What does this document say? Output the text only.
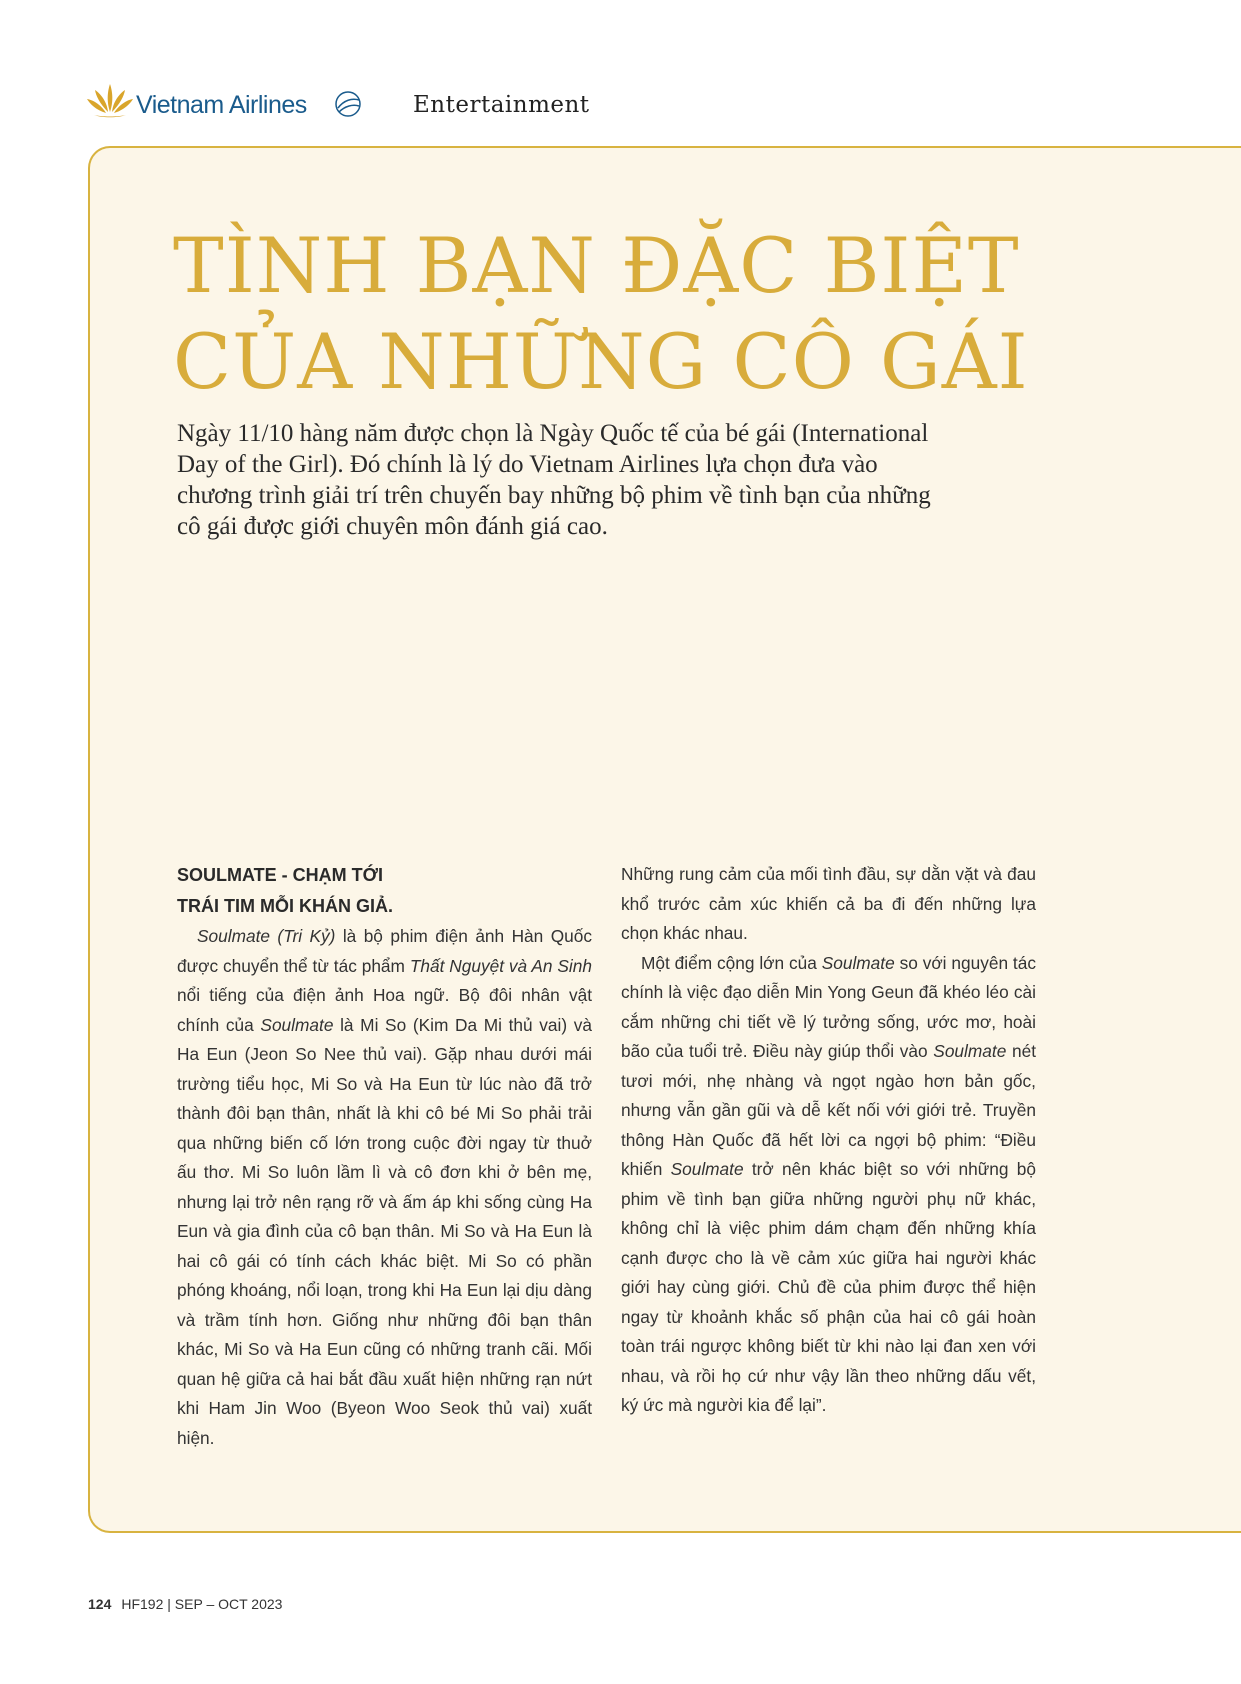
Vietnam Airlines	Entertainment
TÌNH BẠN ĐẶC BIỆT
CỦA NHỮNG CÔ GÁI

Ngày 11/10 hàng năm được chọn là Ngày Quốc tế của bé gái (International Day of the Girl). Đó chính là lý do Vietnam Airlines lựa chọn đưa vào chương trình giải trí trên chuyến bay những bộ phim về tình bạn của những cô gái được giới chuyên môn đánh giá cao.

SOULMATE - CHẠM TỚI
TRÁI TIM MỖI KHÁN GIẢ.

Soulmate (Tri Kỷ) là bộ phim điện ảnh Hàn Quốc được chuyển thể từ tác phẩm Thất Nguyệt và An Sinh nổi tiếng của điện ảnh Hoa ngữ. Bộ đôi nhân vật chính của Soulmate là Mi So (Kim Da Mi thủ vai) và Ha Eun (Jeon So Nee thủ vai). Gặp nhau dưới mái trường tiểu học, Mi So và Ha Eun từ lúc nào đã trở thành đôi bạn thân, nhất là khi cô bé Mi So phải trải qua những biến cố lớn trong cuộc đời ngay từ thuở ấu thơ. Mi So luôn lầm lì và cô đơn khi ở bên mẹ, nhưng lại trở nên rạng rỡ và ấm áp khi sống cùng Ha Eun và gia đình của cô bạn thân. Mi So và Ha Eun là hai cô gái có tính cách khác biệt. Mi So có phần phóng khoáng, nổi loạn, trong khi Ha Eun lại dịu dàng và trầm tính hơn. Giống như những đôi bạn thân khác, Mi So và Ha Eun cũng có những tranh cãi. Mối quan hệ giữa cả hai bắt đầu xuất hiện những rạn nứt khi Ham Jin Woo (Byeon Woo Seok thủ vai) xuất hiện.

Những rung cảm của mối tình đầu, sự dằn vặt và đau khổ trước cảm xúc khiến cả ba đi đến những lựa chọn khác nhau.

Một điểm cộng lớn của Soulmate so với nguyên tác chính là việc đạo diễn Min Yong Geun đã khéo léo cài cắm những chi tiết về lý tưởng sống, ước mơ, hoài bão của tuổi trẻ. Điều này giúp thổi vào Soulmate nét tươi mới, nhẹ nhàng và ngọt ngào hơn bản gốc, nhưng vẫn gần gũi và dễ kết nối với giới trẻ. Truyền thông Hàn Quốc đã hết lời ca ngợi bộ phim: “Điều khiến Soulmate trở nên khác biệt so với những bộ phim về tình bạn giữa những người phụ nữ khác, không chỉ là việc phim dám chạm đến những khía cạnh được cho là về cảm xúc giữa hai người khác giới hay cùng giới. Chủ đề của phim được thể hiện ngay từ khoảnh khắc số phận của hai cô gái hoàn toàn trái ngược không biết từ khi nào lại đan xen với nhau, và rồi họ cứ như vậy lần theo những dấu vết, ký ức mà người kia để lại”.

124 HF192 | SEP – OCT 2023
